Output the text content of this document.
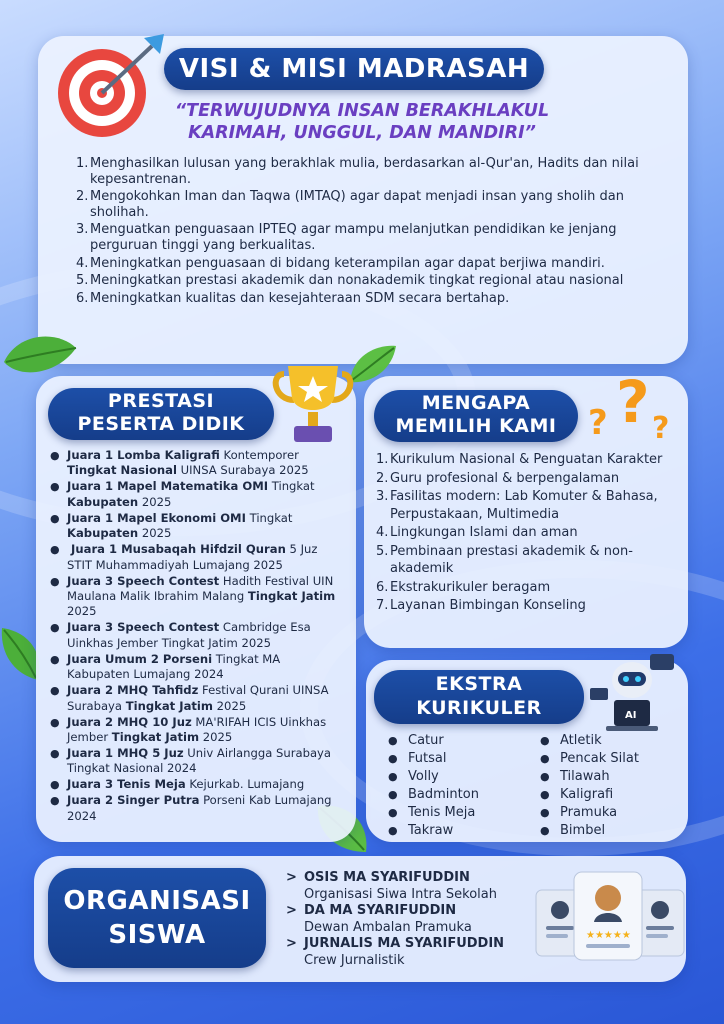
VISI & MISI MADRASAH
“TERWUJUDNYA INSAN BERAKHLAKUL
KARIMAH, UNGGUL, DAN MANDIRI”
1. Menghasilkan lulusan yang berakhlak mulia, berdasarkan al-Qur'an, Hadits dan nilai kepesantrenan.
2. Mengokohkan Iman dan Taqwa (IMTAQ) agar dapat menjadi insan yang sholih dan sholihah.
3. Menguatkan penguasaan IPTEQ agar mampu melanjutkan pendidikan ke jenjang perguruan tinggi yang berkualitas.
4. Meningkatkan penguasaan di bidang keterampilan agar dapat berjiwa mandiri.
5. Meningkatkan prestasi akademik dan nonakademik tingkat regional atau nasional
6. Meningkatkan kualitas dan kesejahteraan SDM secara bertahap.
PRESTASI
PESERTA DIDIK
● Juara 1 Lomba Kaligrafi Kontemporer Tingkat Nasional UINSA Surabaya 2025
● Juara 1 Mapel Matematika OMI Tingkat Kabupaten 2025
● Juara 1 Mapel Ekonomi OMI Tingkat Kabupaten 2025
● Juara 1 Musabaqah Hifdzil Quran 5 Juz STIT Muhammadiyah Lumajang 2025
● Juara 3 Speech Contest Hadith Festival UIN Maulana Malik Ibrahim Malang Tingkat Jatim 2025
● Juara 3 Speech Contest Cambridge Esa Uinkhas Jember Tingkat Jatim 2025
● Juara Umum 2 Porseni Tingkat MA Kabupaten Lumajang 2024
● Juara 2 MHQ Tahfidz Festival Qurani UINSA Surabaya Tingkat Jatim 2025
● Juara 2 MHQ 10 Juz MA'RIFAH ICIS Uinkhas Jember Tingkat Jatim 2025
● Juara 1 MHQ 5 Juz Univ Airlangga Surabaya Tingkat Nasional 2024
● Juara 3 Tenis Meja Kejurkab. Lumajang
● Juara 2 Singer Putra Porseni Kab Lumajang 2024
MENGAPA
MEMILIH KAMI	?
? ?
1. Kurikulum Nasional & Penguatan Karakter
2. Guru profesional & berpengalaman
3. Fasilitas modern: Lab Komuter & Bahasa,  Perpustakaan, Multimedia
4. Lingkungan Islami dan aman
5. Pembinaan prestasi akademik & non-akademik
6. Ekstrakurikuler beragam
7. Layanan Bimbingan Konseling
EKSTRA
KURIKULER	AI
● Catur
● Futsal
● Volly
● Badminton
● Tenis Meja
● Takraw
● Atletik
● Pencak Silat
● Tilawah
● Kaligrafi
● Pramuka
● Bimbel
ORGANISASI
SISWA
> OSIS MA SYARIFUDDIN
Organisasi Siwa Intra Sekolah
> DA MA SYARIFUDDIN
Dewan Ambalan Pramuka
> JURNALIS MA SYARIFUDDIN
Crew Jurnalistik
★★★★★
